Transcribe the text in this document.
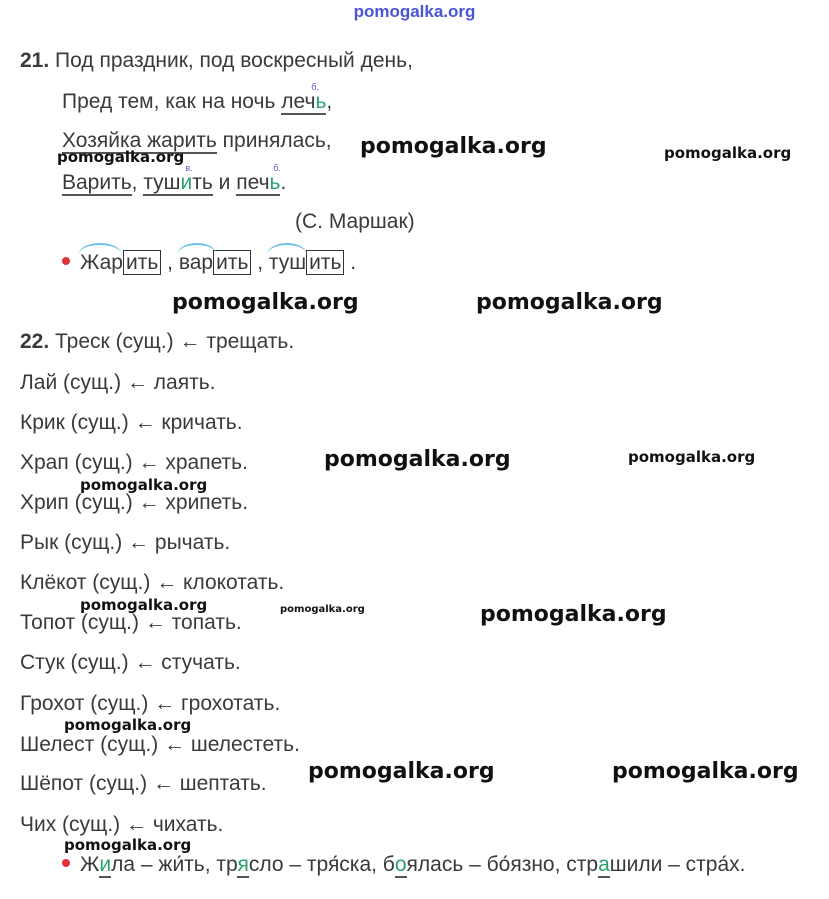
pomogalka.org
21. Под праздник, под воскресный день,
Пред тем, как на ночь лечь
б.
,
Хозяйка жарить принялась,
Варить, тушить
в.
и печь
б.
.
(С. Маршак)
Жар ить , вар ить , туш ить .
22. Треск (сущ.) ← трещать.
Лай (сущ.) ← лаять.
Крик (сущ.) ← кричать.
Храп (сущ.) ← храпеть.
Хрип (сущ.) ← хрипеть.
Рык (сущ.) ← рычать.
Клёкот (сущ.) ← клокотать.
Топот (сущ.) ← топать.
Стук (сущ.) ← стучать.
Грохот (сущ.) ← грохотать.
Шелест (сущ.) ← шелестеть.
Шёпот (сущ.) ← шептать.
Чих (сущ.) ← чихать.
Жила – жи́ть, трясло – тря́ска, боялась – бо́язно, страшили – стра́х.
pomogalka.org
pomogalka.org	pomogalka.org
pomogalka.org	pomogalka.org
pomogalka.org	pomogalka.org
pomogalka.org
pomogalka.org	pomogalka.org	pomogalka.org
pomogalka.org
pomogalka.org	pomogalka.org
pomogalka.org
